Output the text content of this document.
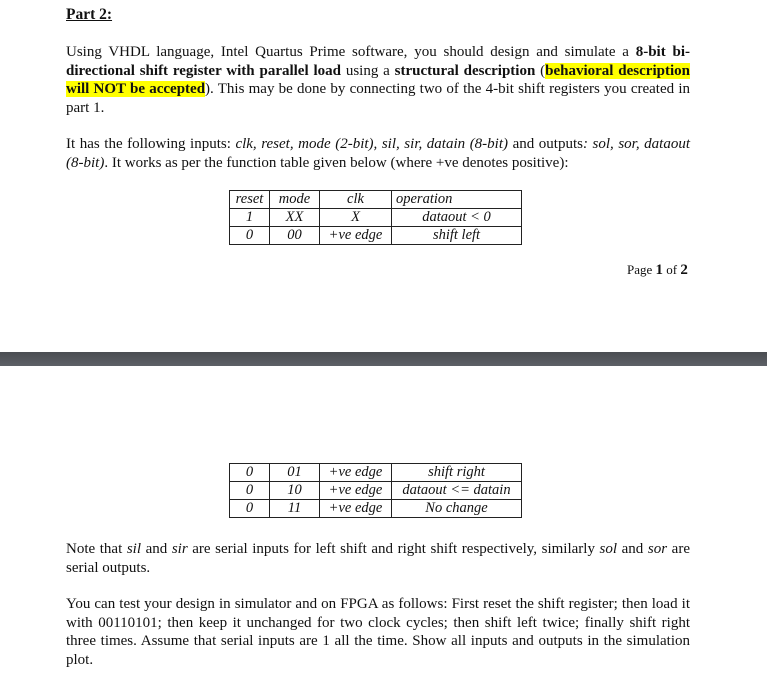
Part 2:
Using VHDL language, Intel Quartus Prime software, you should design and simulate a 8-bit bi-directional shift register with parallel load using a structural description (behavioral description will NOT be accepted). This may be done by connecting two of the 4-bit shift registers you created in part 1.
It has the following inputs: clk, reset, mode (2-bit), sil, sir, datain (8-bit) and outputs: sol, sor, dataout (8-bit). It works as per the function table given below (where +ve denotes positive):
reset	mode	clk	operation
1	XX	X	dataout < 0
0	00	+ve edge	shift left
Page 1 of 2
0	01	+ve edge	shift right
0	10	+ve edge	dataout <= datain
0	11	+ve edge	No change
Note that sil and sir are serial inputs for left shift and right shift respectively, similarly sol and sor are serial outputs.
You can test your design in simulator and on FPGA as follows: First reset the shift register; then load it with 00110101; then keep it unchanged for two clock cycles; then shift left twice; finally shift right three times. Assume that serial inputs are 1 all the time. Show all inputs and outputs in the simulation plot.
